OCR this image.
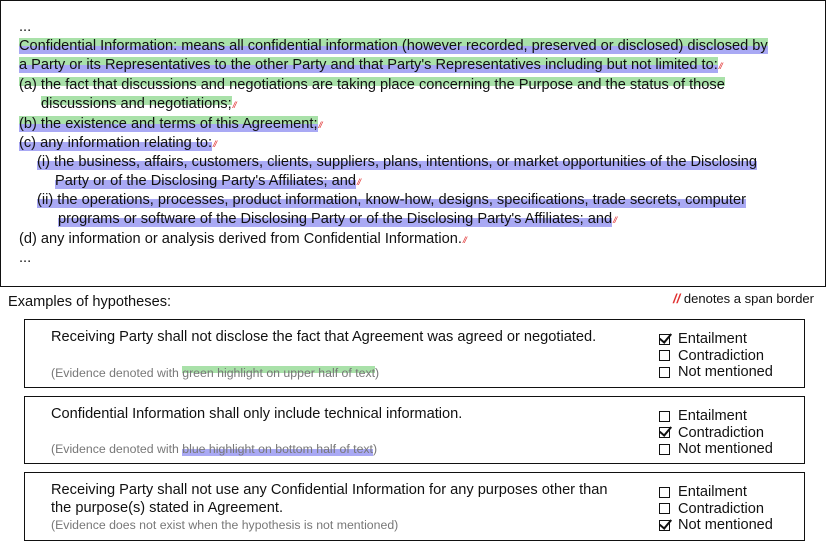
...
Confidential Information: means all confidential information (however recorded, preserved or disclosed) disclosed by
a Party or its Representatives to the other Party and that Party's Representatives including but not limited to://
(a) the fact that discussions and negotiations are taking place concerning the Purpose and the status of those
discussions and negotiations;//
(b) the existence and terms of this Agreement;//
(c) any information relating to://
(i) the business, affairs, customers, clients, suppliers, plans, intentions, or market opportunities of the Disclosing
Party or of the Disclosing Party's Affiliates; and//
(ii) the operations, processes, product information, know-how, designs, specifications, trade secrets, computer
programs or software of the Disclosing Party or of the Disclosing Party's Affiliates; and//
(d) any information or analysis derived from Confidential Information.//
...
Examples of hypotheses:	// denotes a span border
Receiving Party shall not disclose the fact that Agreement was agreed or negotiated.
(Evidence denoted with green highlight on upper half of text)
Entailment
Contradiction
Not mentioned
Confidential Information shall only include technical information.
(Evidence denoted with blue highlight on bottom half of text)
Entailment
Contradiction
Not mentioned
Receiving Party shall not use any Confidential Information for any purposes other than the purpose(s) stated in Agreement.
(Evidence does not exist when the hypothesis is not mentioned)
Entailment
Contradiction
Not mentioned
